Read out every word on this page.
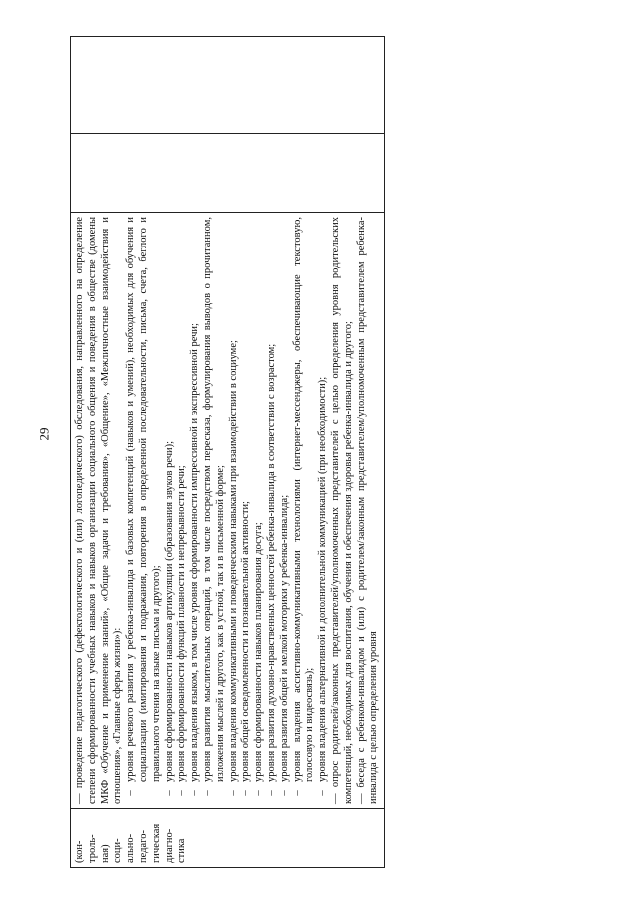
29
(кон- троль- ная) соци- ально- педаго- гическая диагно- стика

— проведение педагогического (дефектологического и (или) логопедического) обследования, направленного на определение степени сформированности учебных навыков и навыков организации социального общения и поведения в обществе (домены МКФ «Обучение и применение знаний», «Общие задачи и требования», «Общение», «Межличностные взаимодействия и отношения», «Главные сферы жизни»): –
уровня речевого развития у ребенка-инвалида и базовых компетенций (навыков и умений), необходимых для обучения и социализации (имитирования и подражания, повторения в определенной последовательности, письма, счета, беглого и правильного чтения на языке письма и другого);
–
уровня сформированности навыков артикуляции (образования звуков речи);
–
уровня сформированности функций плавности и непрерывности речи;
–
уровня владения языком, в том числе уровня сформированности импрессивной и экспрессивной речи;
–
уровня развития мыслительных операций, в том числе посредством пересказа, формулирования выводов о прочитанном, изложения мыслей и другого, как в устной, так и в письменной форме;
–
уровня владения коммуникативными и поведенческими навыками при взаимодействии в социуме;
–
уровня общей осведомленности и познавательной активности;
–
уровня сформированности навыков планирования досуга;
–
уровня развития духовно-нравственных ценностей ребенка-инвалида в соответствии с возрастом;
–
уровня развития общей и мелкой моторики у ребенка-инвалида;
–
уровня владения ассистивно-коммуникативными технологиями (интернет-мессенджеры, обеспечивающие текстовую, голосовую и видеосвязь);
–
уровня владения альтернативной и дополнительной коммуникацией (при необходимости); — опрос родителей/законных представителей/уполномоченных представителей с целью определения уровня родительских компетенций, необходимых для воспитания, обучения и обеспечения здоровья ребенка-инвалида и другого; — беседа с ребенком-инвалидом и (или) с родителем/законным представителем/уполномоченным представителем ребенка-инвалида с целью определения уровня
